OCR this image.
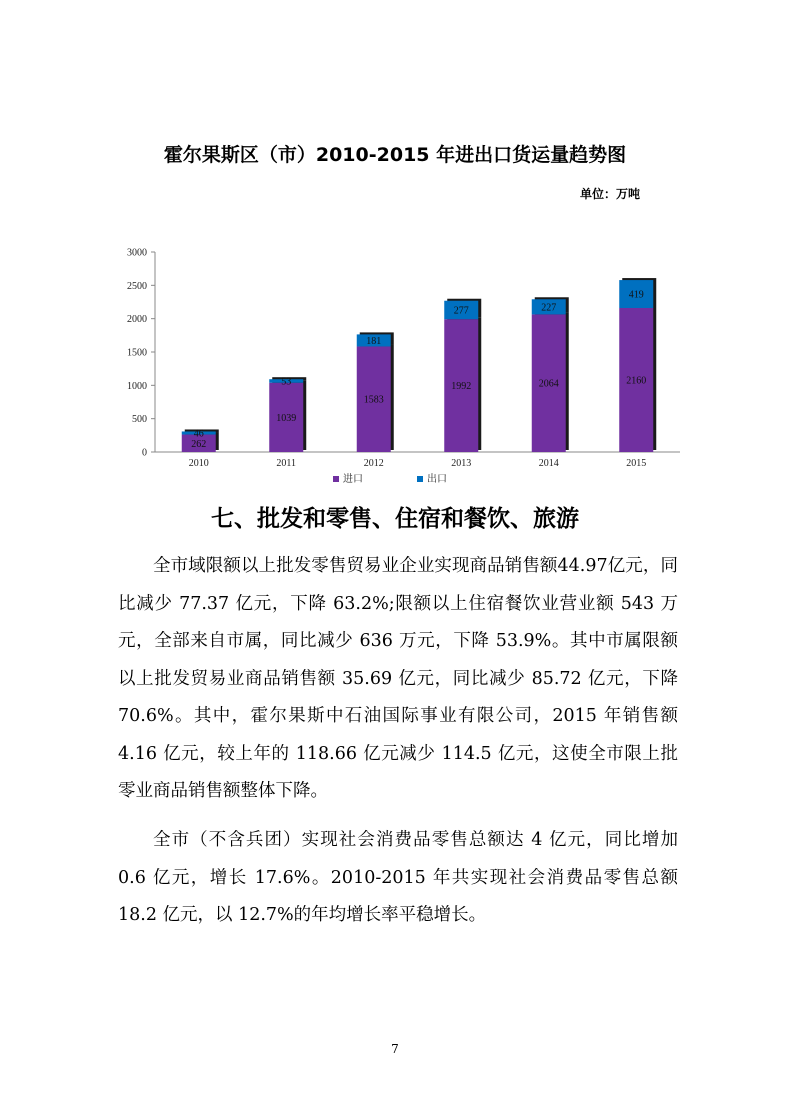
霍尔果斯区（市）2010-2015 年进出口货运量趋势图
单位：万吨
0
500
1000
1500
2000
2500
3000
262
46
2010
1039
53
2011
1583
181
2012
1992
277
2013
2064
227
2014
2160
419
2015
进口	出口
七、批发和零售、住宿和餐饮、旅游

全市域限额以上批发零售贸易业企业实现商品销售额44.97亿元，同比减少 77.37 亿元，下降 63.2%;限额以上住宿餐饮业营业额 543 万元，全部来自市属，同比减少 636 万元，下降 53.9%。其中市属限额以上批发贸易业商品销售额 35.69 亿元，同比减少 85.72 亿元，下降 70.6%。其中，霍尔果斯中石油国际事业有限公司，2015 年销售额 4.16 亿元，较上年的 118.66 亿元减少 114.5 亿元，这使全市限上批零业商品销售额整体下降。

全市（不含兵团）实现社会消费品零售总额达 4 亿元，同比增加 0.6 亿元，增长 17.6%。2010-2015 年共实现社会消费品零售总额 18.2 亿元，以 12.7%的年均增长率平稳增长。

7
